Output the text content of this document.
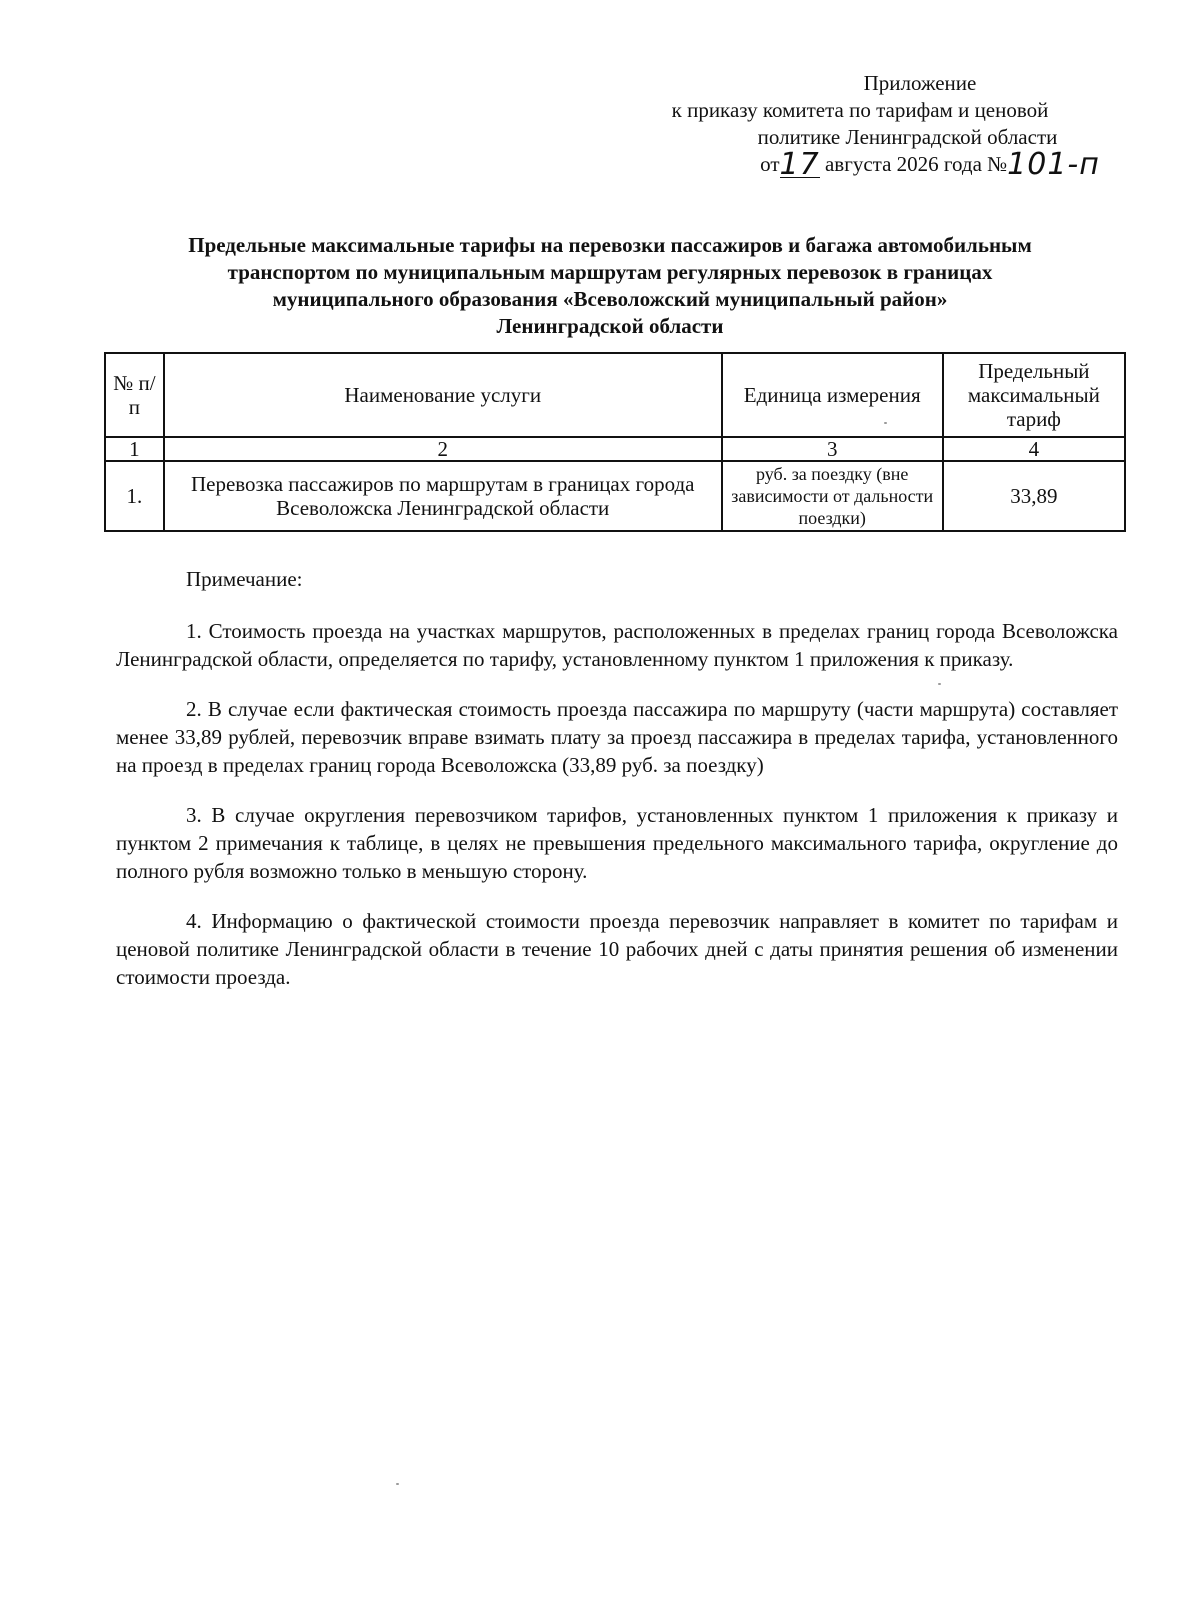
Приложение
к приказу комитета по тарифам и ценовой
политике Ленинградской области
от17 августа 2026 года №101-п
Предельные максимальные тарифы на перевозки пассажиров и багажа автомобильным
транспортом по муниципальным маршрутам регулярных перевозок в границах
муниципального образования «Всеволожский муниципальный район»
Ленинградской области
№ п/п	Наименование услуги	Единица измерения	Предельный максимальный тариф
1	2	3	4
1.	Перевозка пассажиров по маршрутам в границах города Всеволожска Ленинградской области	руб. за поездку (вне зависимости от дальности поездки)	33,89

Примечание:

1. Стоимость проезда на участках маршрутов, расположенных в пределах границ города Всеволожска Ленинградской области, определяется по тарифу, установленному пунктом 1 приложения к приказу.

2. В случае если фактическая стоимость проезда пассажира по маршруту (части маршрута) составляет менее 33,89 рублей, перевозчик вправе взимать плату за проезд пассажира в пределах тарифа, установленного на проезд в пределах границ города Всеволожска (33,89 руб. за поездку)

3. В случае округления перевозчиком тарифов, установленных пунктом 1 приложения к приказу и пунктом 2 примечания к таблице, в целях не превышения предельного максимального тарифа, округление до полного рубля возможно только в меньшую сторону.

4. Информацию о фактической стоимости проезда перевозчик направляет в комитет по тарифам и ценовой политике Ленинградской области в течение 10 рабочих дней с даты принятия решения об изменении стоимости проезда.
